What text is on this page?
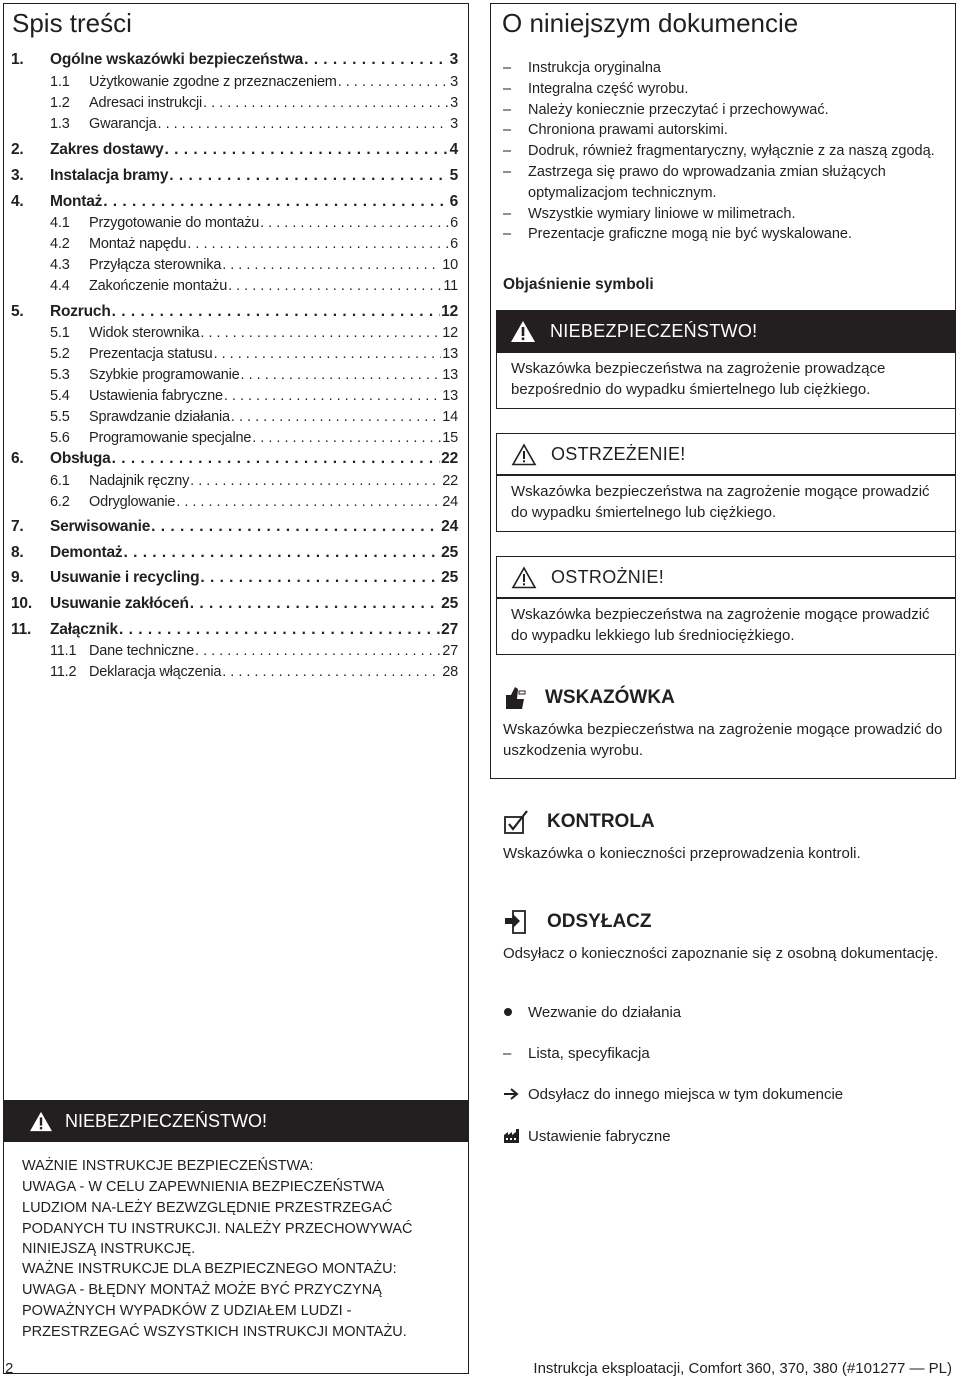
Spis treści
1.	Ogólne wskazówki bezpieczeństwa . . .	3
1.1	Użytkowanie zgodne z przeznaczeniem . . .	3
1.2	Adresaci instrukcji . . .	3
1.3	Gwarancja . . .	3
2.	Zakres dostawy . . .	4
3.	Instalacja bramy . . .	5
4.	Montaż . . .	6
4.1	Przygotowanie do montażu . . .	6
4.2	Montaż napędu . . .	6
4.3	Przyłącza sterownika . . .	10
4.4	Zakończenie montażu . . .	11
5.	Rozruch . . .	12
5.1	Widok sterownika . . .	12
5.2	Prezentacja statusu . . .	13
5.3	Szybkie programowanie . . .	13
5.4	Ustawienia fabryczne . . .	13
5.5	Sprawdzanie działania . . .	14
5.6	Programowanie specjalne . . .	15
6.	Obsługa . . .	22
6.1	Nadajnik ręczny . . .	22
6.2	Odryglowanie . . .	24
7.	Serwisowanie . . .	24
8.	Demontaż . . .	25
9.	Usuwanie i recycling . . .	25
10.	Usuwanie zakłóceń . . .	25
11.	Załącznik . . .	27
11.1 Dane techniczne . . .	27
11.2 Deklaracja włączenia . . .	28
O niniejszym dokumencie
– Instrukcja oryginalna
– Integralna część wyrobu.
– Należy koniecznie przeczytać i przechowywać.
– Chroniona prawami autorskimi.
– Dodruk, również fragmentaryczny, wyłącznie z za naszą zgodą.
– Zastrzega się prawo do wprowadzania zmian służących optymalizacjom technicznym.
– Wszystkie wymiary liniowe w milimetrach.
– Prezentacje graficzne mogą nie być wyskalowane.
Objaśnienie symboli
NIEBEZPIECZEŃSTWO!
Wskazówka bezpieczeństwa na zagrożenie prowadzące bezpośrednio do wypadku śmiertelnego lub ciężkiego.
OSTRZEŻENIE!
Wskazówka bezpieczeństwa na zagrożenie mogące prowadzić do wypadku śmiertelnego lub ciężkiego.
OSTROŻNIE!
Wskazówka bezpieczeństwa na zagrożenie mogące prowadzić do wypadku lekkiego lub średniociężkiego.
WSKAZÓWKA
Wskazówka bezpieczeństwa na zagrożenie mogące prowadzić do uszkodzenia wyrobu.
KONTROLA
Wskazówka o konieczności przeprowadzenia kontroli.
ODSYŁACZ
Odsyłacz o konieczności zapoznanie się z osobną dokumentację.
Wezwanie do działania
–	Lista, specyfikacja
Odsyłacz do innego miejsca w tym dokumencie
Ustawienie fabryczne
NIEBEZPIECZEŃSTWO!
WAŻNIE INSTRUKCJE BEZPIECZEŃSTWA:
UWAGA - W CELU ZAPEWNIENIA BEZPIECZEŃSTWA LUDZIOM NA-LEŻY BEZWZGLĘDNIE PRZESTRZEGAĆ PODANYCH TU INSTRUKCJI. NALEŻY PRZECHOWYWAĆ NINIEJSZĄ INSTRUKCJĘ.
WAŻNE INSTRUKCJE DLA BEZPIECZNEGO MONTAŻU:
UWAGA - BŁĘDNY MONTAŻ MOŻE BYĆ PRZYCZYNĄ POWAŻNYCH WYPADKÓW Z UDZIAŁEM LUDZI - PRZESTRZEGAĆ WSZYSTKICH INSTRUKCJI MONTAŻU.
2	Instrukcja eksploatacji, Comfort 360, 370, 380 (#101277 — PL)
